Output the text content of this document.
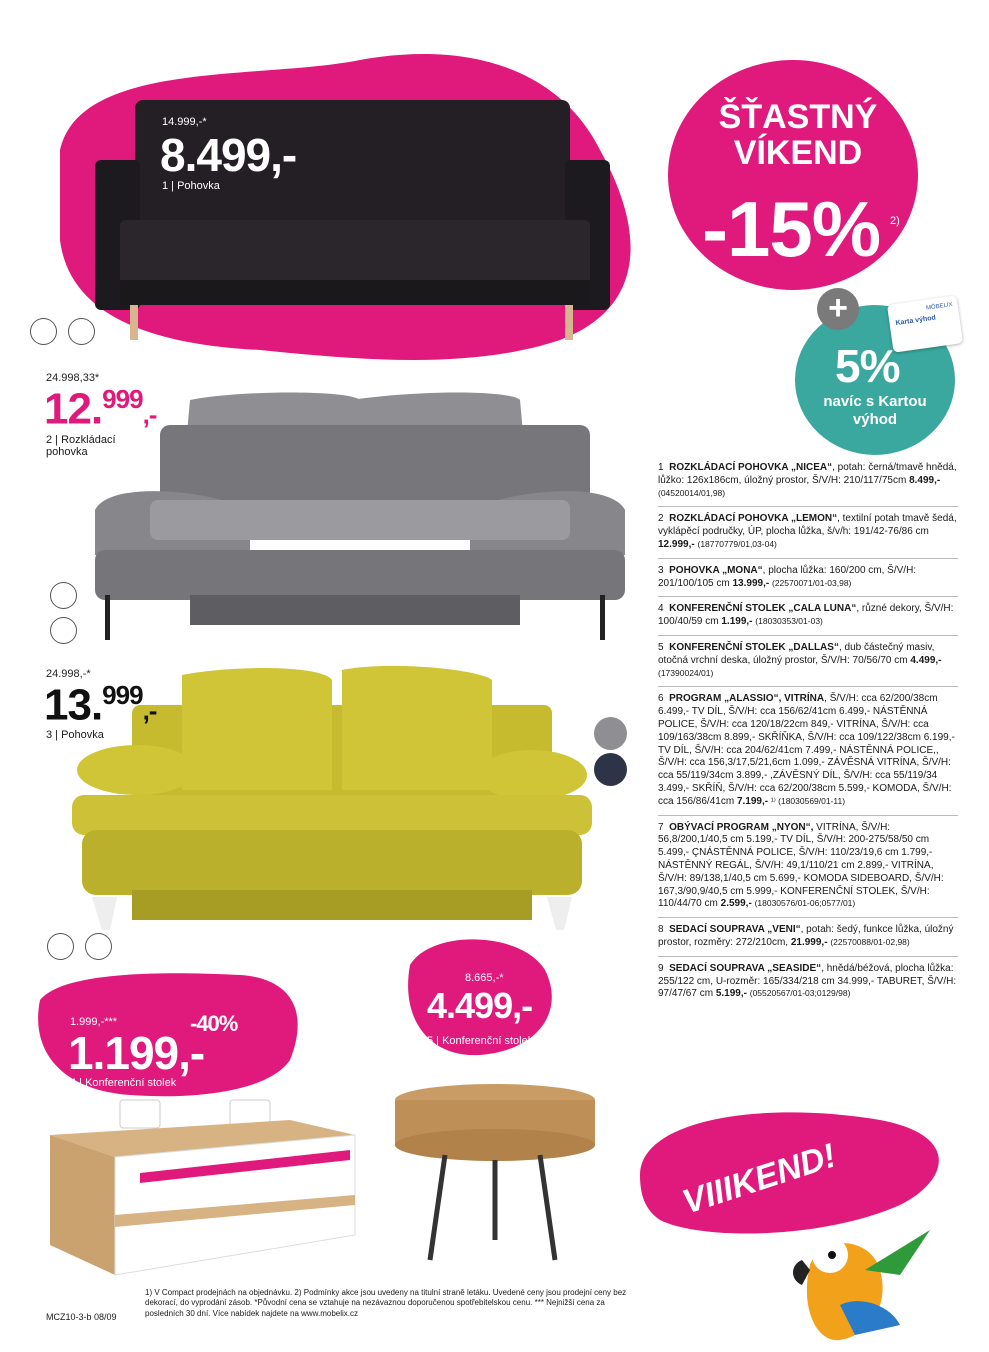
ŠŤASTNÝ VÍKEND
-15% 2)
+	MÖBELIX
Karta výhod
5%
navíc s Kartou výhod
14.999,-*
8.499,-
1 | Pohovka
24.998,33*
12.$^{999}$,-
2 | Rozkládací pohovka
24.998,-*
13.$^{999}$,-
3 | Pohovka
1.999,-***	-40%
1.199,-
4 | Konferenční stolek
8.665,-*
4.499,-
5 | Konferenční stolek
1 ROZKLÁDACÍ POHOVKA „NICEA“, potah: černá/tmavě hnědá, lůžko: 126x186cm, úložný prostor, Š/V/H: 210/117/75cm 8.499,- (04520014/01,98)
2 ROZKLÁDACÍ POHOVKA „LEMON“, textilní potah tmavě šedá, vyklápěcí područky, ÚP, plocha lůžka, š/v/h: 191/42-76/86 cm 12.999,- (18770779/01,03-04)
3 POHOVKA „MONA“, plocha lůžka: 160/200 cm, Š/V/H: 201/100/105 cm 13.999,- (22570071/01-03,98)
4 KONFERENČNÍ STOLEK „CALA LUNA“, různé dekory, Š/V/H: 100/40/59 cm 1.199,- (18030353/01-03)
5 KONFERENČNÍ STOLEK „DALLAS“, dub částečný masiv, otočná vrchní deska, úložný prostor, Š/V/H: 70/56/70 cm 4.499,- (17390024/01)
6 PROGRAM „ALASSIO“, VITRÍNA, Š/V/H: cca 62/200/38cm 6.499,- TV DÍL, Š/V/H: cca 156/62/41cm 6.499,- NÁSTĚNNÁ POLICE, Š/V/H: cca 120/18/22cm 849,- VITRÍNA, Š/V/H: cca 109/163/38cm 8.899,- SKŘÍŇKA, Š/V/H: cca 109/122/38cm 6.199,- TV DÍL, Š/V/H: cca 204/62/41cm 7.499,- NÁSTĚNNÁ POLICE,, Š/V/H: cca 156,3/17,5/21,6cm 1.099,- ZÁVĚSNÁ VITRÍNA, Š/V/H: cca 55/119/34cm 3.899,- ,ZÁVĚSNÝ DÍL, Š/V/H: cca 55/119/34 3.499,- SKŘÍŇ, Š/V/H: cca 62/200/38cm 5.599,- KOMODA, Š/V/H: cca 156/86/41cm 7.199,- ¹⁾ (18030569/01-11)
7 OBÝVACÍ PROGRAM „NYON“, VITRÍNA, Š/V/H: 56,8/200,1/40,5 cm 5.199,- TV DÍL, Š/V/H: 200-275/58/50 cm 5.499,- ÇNÁSTĚNNÁ POLICE, Š/V/H: 110/23/19,6 cm 1.799,- NÁSTĚNNÝ REGÁL, Š/V/H: 49,1/110/21 cm 2.899,- VITRÍNA, Š/V/H: 89/138,1/40,5 cm 5.699,- KOMODA SIDEBOARD, Š/V/H: 167,3/90,9/40,5 cm 5.999,- KONFERENČNÍ STOLEK, Š/V/H: 110/44/70 cm 2.599,- (18030576/01-06;0577/01)
8 SEDACÍ SOUPRAVA „VENI“, potah: šedý, funkce lůžka, úložný prostor, rozměry: 272/210cm, 21.999,- (22570088/01-02,98)
9 SEDACÍ SOUPRAVA „SEASIDE“, hnědá/béžová, plocha lůžka: 255/122 cm, U-rozměr: 165/334/218 cm 34.999,- TABURET, Š/V/H: 97/47/67 cm 5.199,- (05520567/01-03;0129/98)
VIIIKEND!
1) V Compact prodejnách na objednávku. 2) Podmínky akce jsou uvedeny na titulní straně letáku. Uvedené ceny jsou prodejní ceny bez dekorací, do vyprodání zásob. *Původní cena se vztahuje na nezávaznou doporučenou spotřebitelskou cenu. *** Nejnižší cena za posledních 30 dní. Více nabídek najdete na www.mobelix.cz
MCZ10-3-b 08/09
